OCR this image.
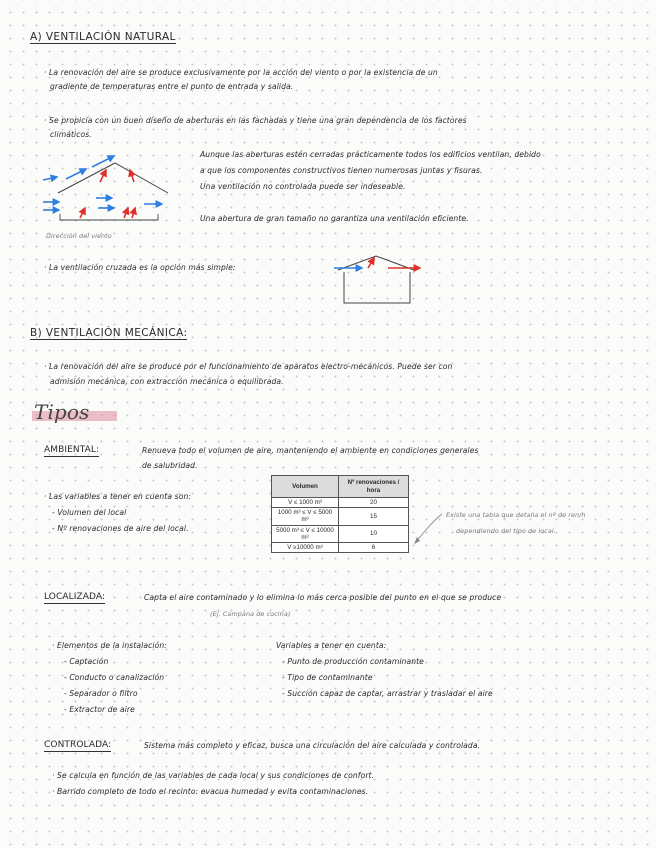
A) VENTILACIÓN NATURAL
· La renovación del aire se produce exclusivamente por la acción del viento o por la existencia de un
gradiente de temperaturas entre el punto de entrada y salida.
· Se propicia con un buen diseño de aberturas en las fachadas y tiene una gran dependencia de los factores
climáticos.
Dirección del viento
Aunque las aberturas estén cerradas prácticamente todos los edificios ventilan, debido
a que los componentes constructivos tienen numerosas juntas y fisuras.
Una ventilación no controlada puede ser indeseable.
Una abertura de gran tamaño no garantiza una ventilación eficiente.
· La ventilación cruzada es la opción más simple:
B) VENTILACIÓN MECÁNICA:
· La renovación del aire se produce por el funcionamiento de aparatos electro-mecánicos. Puede ser con
admisión mecánica, con extracción mecánica o equilibrada.
Tipos
AMBIENTAL:	Renueva todo el volumen de aire, manteniendo el ambiente en condiciones generales
de salubridad.
· Las variables a tener en cuenta son:
- Volumen del local
- Nº renovaciones de aire del local.
Volumen	Nº renovaciones / hora
V ≤ 1000 m³	20
1000 m³ ≤ V ≤ 5000 m³	15
5000 m³ ≤ V ≤ 10000 m³	10
V ≥10000 m³	6
Existe una tabla que detalla el nº de ren/h
dependiendo del tipo de local.
LOCALIZADA:	Capta el aire contaminado y lo elimina lo más cerca posible del punto en el que se produce
(Ej. Campana de cocina)
· Elementos de la instalación:
- Captación
- Conducto o canalización
- Separador o filtro
- Extractor de aire
Variables a tener en cuenta:
- Punto de producción contaminante
- Tipo de contaminante
- Succión capaz de captar, arrastrar y trasladar el aire
CONTROLADA:	Sistema más completo y eficaz, busca una circulación del aire calculada y controlada.
· Se calcula en función de las variables de cada local y sus condiciones de confort.
· Barrido completo de todo el recinto: evacua humedad y evita contaminaciones.
